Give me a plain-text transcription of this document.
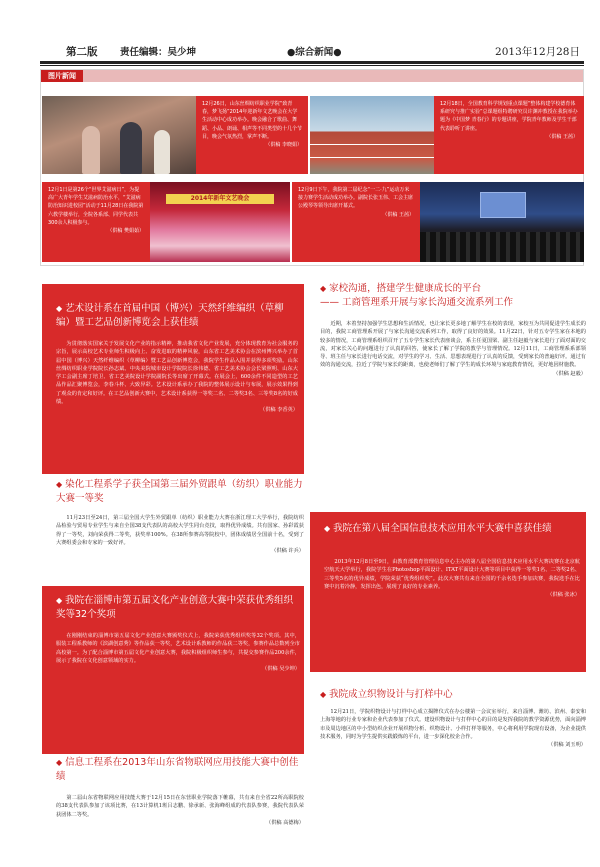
第二版 责任编辑：吴少坤	●综合新闻●	2013年12月28日
图片新闻
12月26日，山东丝绸纺织职业学院“致青春，梦飞扬”2014年迎新年文艺晚会在大学生活动中心成功举办。晚会融合了歌曲、舞蹈、小品、朗诵、相声等不同类型的十几个节目，晚会气氛热烈，掌声不断。
（供稿 李晓娟）
12月18日，全国教育科学规划重点课题“整体构建学校德育体系研究与推广实验”总课题组特聘研究员许渊冲教授在我院举办题为《中国梦 青春行》的专题讲座，学院青年教师及学生干部代表聆听了讲座。
（供稿 王茜）
12月1日是第26个“世界艾滋病日”，为提高广大青年学生艾滋病防治水平，“艾滋病防治知识进校园”活动于11月28日在我院第六教学楼举行，全院各系部、同学代表共300余人积极参与。
（供稿 樊娟茹）
2014年新年文艺晚会
12月9日下午，我院第二届纪念“一二·九”运动万米接力赛学生活动成功举办。副院长张玉伟、工会主席公殿琴等领导出席开幕式。
（供稿 王茜）
◆ 艺术设计系在首届中国（博兴）天然纤维编织（草柳编）暨工艺品创新博览会上获佳绩

为贯彻落实国家关于发展文化产业的指示精神，推动我省文化产业发展，充分体现教育为社会服务的宗旨，展示高校艺术专业师生积极向上、奋发进取的精神风貌，山东省工艺美术协会在滨州博兴举办了首届中国（博兴）天然纤维编织（草柳编）暨工艺品创新博览会，我院学生作品入围并获得多项奖励。山东丝绸纺织职业学院院长孙志斌、中央美院城市设计学院院长徐伟德、省工艺美术协会会长梁照明、山东大学工会副主席丁培卫、省工艺美院设计学院副院长等出席了开幕式。在展会上，600余件不同造型的工艺品作品汇聚博览会，李春斗杯、大致异彩。艺术设计系承办了我院的整体展示设计与布展，展示效果得到了观众的肯定和好评。在工艺品创新大赛中，艺术设计系获得一等奖二名、二等奖3名、三等奖8名的好成绩。

（供稿 李香英）

◆ 家校沟通，搭建学生健康成长的平台
—— 工商管理系开展与家长沟通交流系列工作

近期，本着坚持加强学生思想和生活情况，也让家长更多地了解学生在校的表现，家校互为共同促进学生成长的目的，我院工商管理系开展了与家长沟通交流系列工作，取得了良好的效果。11月22日，针对五专学生家在本地的较多的情况，工商管理系组织召开了五专学生家长代表座谈会，系主任夏国梁、副主任赵毅与家长进行了面对面的交流，对家长关心的问题进行了认真的回答，使家长了解了学院的教学与管理情况。12月11日，工商管理系系部领导、班主任与家长进行电话交流，对学生的学习、生活、思想表现进行了认真的反馈，受到家长的普遍好评。通过有效的沟通交流，拉近了学院与家长的距离，也使老师们了解了学生的成长环境与家庭教育情况，更好地因材施教。

（供稿 赵毅）

◆ 染化工程系学子获全国第三届外贸跟单（纺织）职业能力大赛一等奖

11月23日至24日，第三届全国大学生外贸跟单（纺织）职业能力大赛在浙江理工大学举行，我院纺织品检验与贸易专业学生与来自全国38支代表队的高校大学生同台竞技，取得优异成绩。共有国家、孙彩霞获得了一等奖，刘向荣获得二等奖，获奖率100%。在38所参赛高等院校中，团体成绩居全国前十名，受到了大赛组委会和专家的一致好评。

（供稿 许兵）

◆ 我院在第八届全国信息技术应用水平大赛中喜获佳绩

2013年12月8日至9日，由教育部教育管理信息中心主办的第八届全国信息技术应用水平大赛决赛在北京航空航天大学举行，我院学生在Photoshop平面设计、ITAT平面设计大赛等项目中获得一等奖1名、二等奖2名、三等奖5名的优异成绩，学院荣获“优秀组织奖”。此次大赛共有来自全国的千余名选手参加决赛，我院选手在比赛中沉着冷静，发挥出色，展现了良好的专业素养。

（供稿 张冰）

◆ 我院在淄博市第五届文化产业创意大赛中荣获优秀组织奖等32个奖项

在刚刚结束的淄博市第五届文化产业创意大赛颁奖仪式上，我院荣获优秀组织奖等32个奖项。其中，服装工程系教师的《滨湖创意秀》等作品获一等奖，艺术设计系教师的作品获二等奖，参赛作品总数列全市高校第一。为了配合淄博市第五届文化产业创意大赛，我院积极组织师生参与，共提交参赛作品200余件，展示了我院在文化创意领域的实力。

（供稿 吴少坤）

◆ 我院成立织物设计与打样中心

12月21日，学院织物设计与打样中心成立揭牌仪式在办公楼第一会议室举行，来自淄博、潍坊、滨州、泰安和上海等地的行业专家和企业代表参加了仪式。建设织物设计与打样中心的目的是发挥我院的教学资源优势，面向淄博市及周边地区的中小型纺织企业开展织物分析、织物设计、小样打样等服务，中心将利用学院现有设备，为企业提供技术服务，同时为学生提供实践锻炼的平台，进一步深化校企合作。

（供稿 刘玉明）

◆ 信息工程系在2013年山东省物联网应用技能大赛中创佳绩

第二届山东省物联网应用技能大赛于12月15日在东营职业学院落下帷幕，共有来自全省22所高职院校的38支代表队参加了该项比赛，在13计算机1班吕志鹏、徐承新、张海峰组成的代表队参赛，我院代表队荣获团体二等奖。

（供稿 高德梅）
